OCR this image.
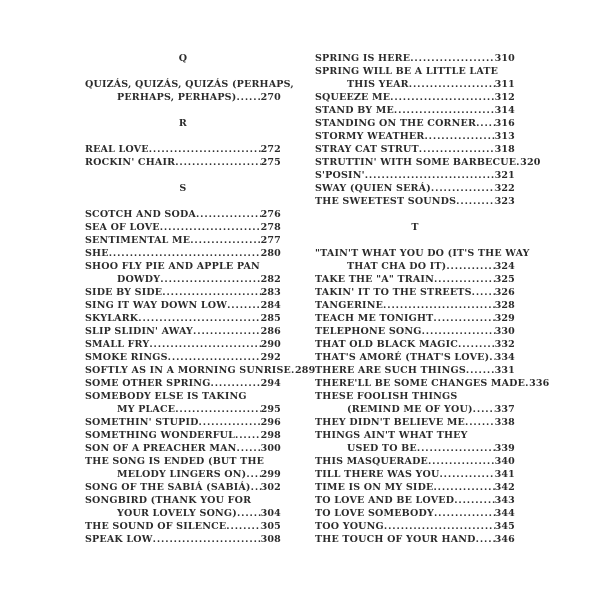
Q
QUIZÁS, QUIZÁS, QUIZÁS (PERHAPS,
PERHAPS, PERHAPS) .....	270
R
REAL LOVE .....	272
ROCKIN' CHAIR .....	275
S
SCOTCH AND SODA .....	276
SEA OF LOVE .....	278
SENTIMENTAL ME .....	277
SHE .....	280
SHOO FLY PIE AND APPLE PAN
DOWDY .....	282
SIDE BY SIDE .....	283
SING IT WAY DOWN LOW .....	284
SKYLARK .....	285
SLIP SLIDIN' AWAY .....	286
SMALL FRY .....	290
SMOKE RINGS .....	292
SOFTLY AS IN A MORNING SUNRISE ..... 289
SOME OTHER SPRING .....	294
SOMEBODY ELSE IS TAKING
MY PLACE .....	295
SOMETHIN' STUPID .....	296
SOMETHING WONDERFUL .....	298
SON OF A PREACHER MAN .....	300
THE SONG IS ENDED (BUT THE
MELODY LINGERS ON) ..... 299
SONG OF THE SABIÁ (SABIÁ) ..... 302
SONGBIRD (THANK YOU FOR
YOUR LOVELY SONG) ..... 304
THE SOUND OF SILENCE .....	305
SPEAK LOW .....	308
SPRING IS HERE .....	310
SPRING WILL BE A LITTLE LATE
THIS YEAR .....	311
SQUEEZE ME .....	312
STAND BY ME .....	314
STANDING ON THE CORNER ..... 316
STORMY WEATHER .....	313
STRAY CAT STRUT .....	318
STRUTTIN' WITH SOME BARBECUE ..... 320
S'POSIN' .....	321
SWAY (QUIEN SERÁ) .....	322
THE SWEETEST SOUNDS .....	323
T
"TAIN'T WHAT YOU DO (IT'S THE WAY
THAT CHA DO IT) .....	324
TAKE THE "A" TRAIN .....	325
TAKIN' IT TO THE STREETS ..... 326
TANGERINE .....	328
TEACH ME TONIGHT .....	329
TELEPHONE SONG .....	330
THAT OLD BLACK MAGIC .....	332
THAT'S AMORÉ (THAT'S LOVE) ..... 334
THERE ARE SUCH THINGS .....	331
THERE'LL BE SOME CHANGES MADE ..... 336
THESE FOOLISH THINGS
(REMIND ME OF YOU) ..... 337
THEY DIDN'T BELIEVE ME .....	338
THINGS AIN'T WHAT THEY
USED TO BE .....	339
THIS MASQUERADE .....	340
TILL THERE WAS YOU .....	341
TIME IS ON MY SIDE .....	342
TO LOVE AND BE LOVED .....	343
TO LOVE SOMEBODY .....	344
TOO YOUNG .....	345
THE TOUCH OF YOUR HAND ..... 346
